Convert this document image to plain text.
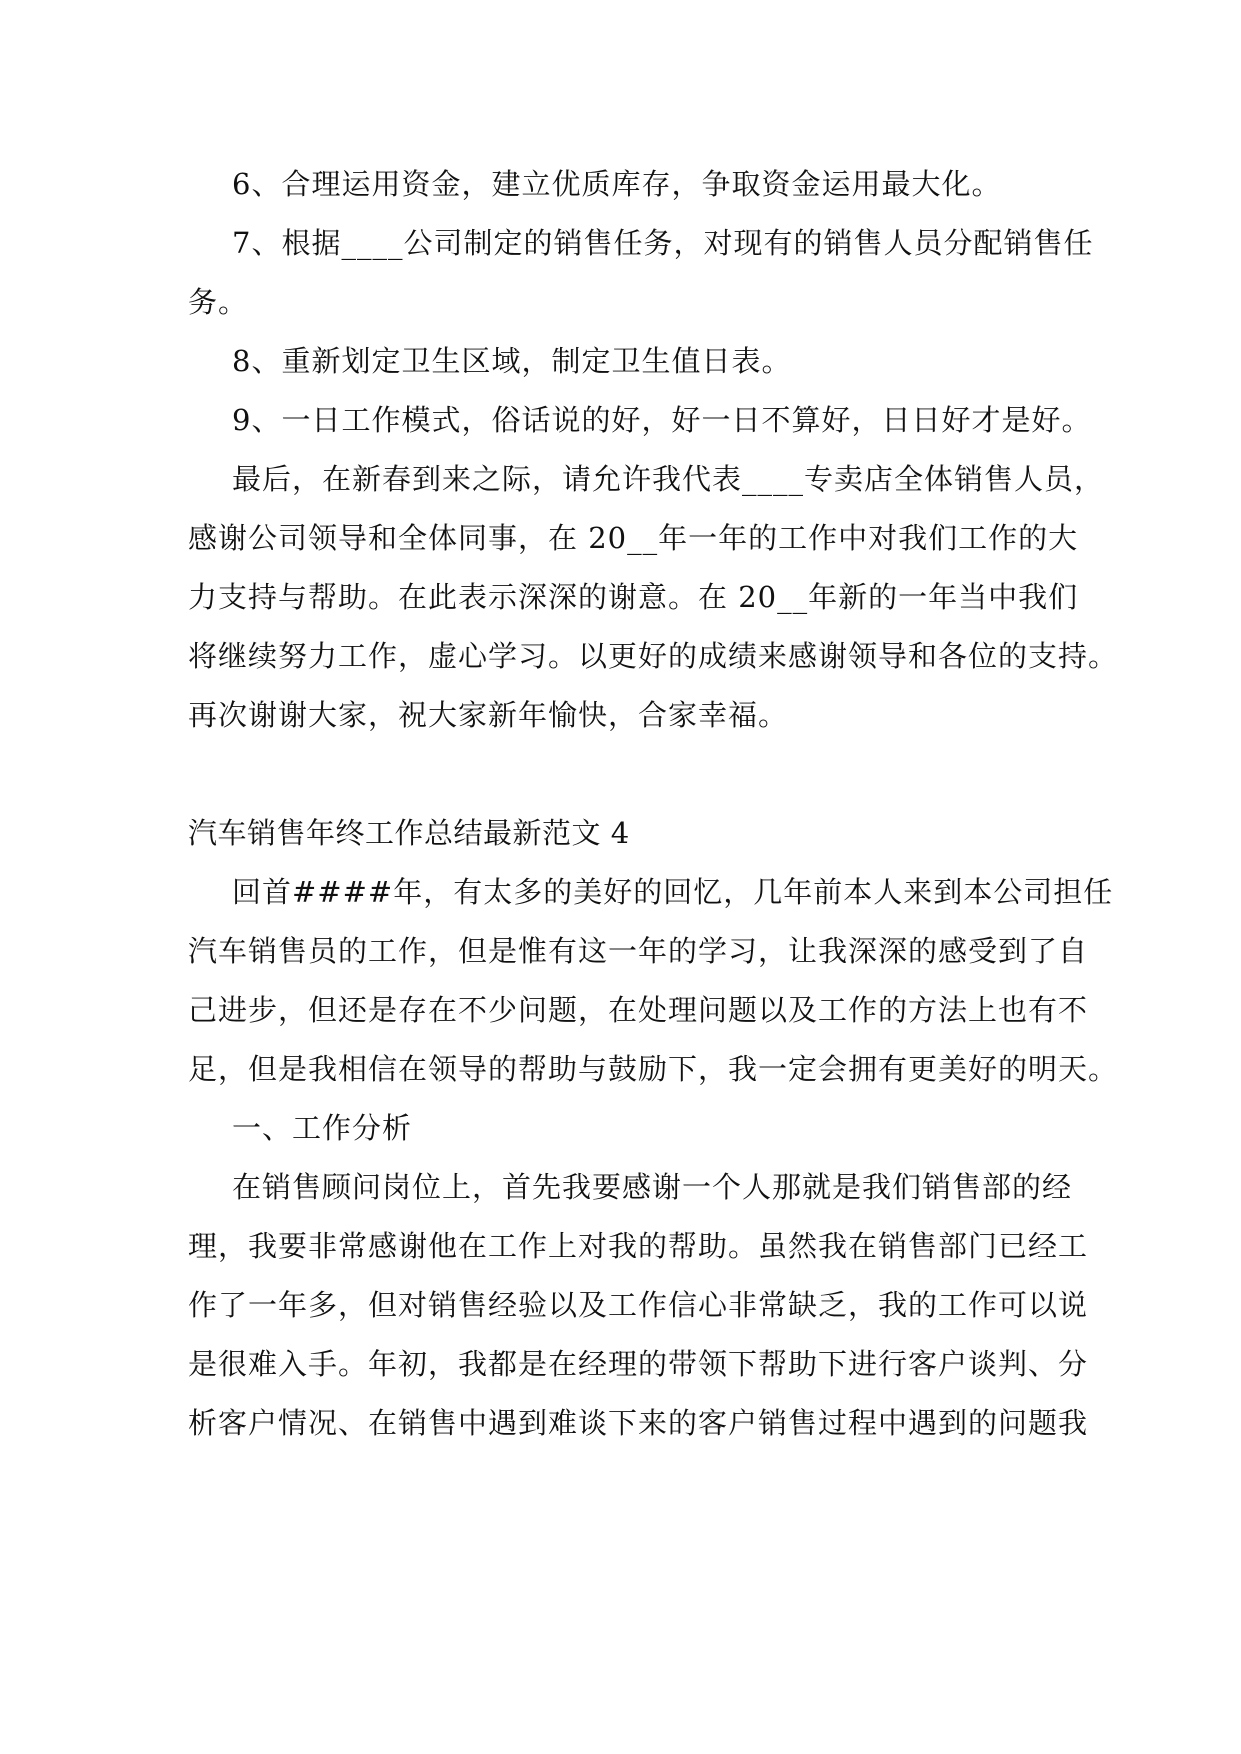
6、合理运用资金，建立优质库存，争取资金运用最大化。
7、根据____公司制定的销售任务，对现有的销售人员分配销售任
务。
8、重新划定卫生区域，制定卫生值日表。
9、一日工作模式，俗话说的好，好一日不算好，日日好才是好。
最后，在新春到来之际，请允许我代表____专卖店全体销售人员，
感谢公司领导和全体同事，在 20__年一年的工作中对我们工作的大
力支持与帮助。在此表示深深的谢意。在 20__年新的一年当中我们
将继续努力工作，虚心学习。以更好的成绩来感谢领导和各位的支持。
再次谢谢大家，祝大家新年愉快，合家幸福。
汽车销售年终工作总结最新范文 4
回首####年，有太多的美好的回忆，几年前本人来到本公司担任
汽车销售员的工作，但是惟有这一年的学习，让我深深的感受到了自
己进步，但还是存在不少问题，在处理问题以及工作的方法上也有不
足，但是我相信在领导的帮助与鼓励下，我一定会拥有更美好的明天。
一、工作分析
在销售顾问岗位上，首先我要感谢一个人那就是我们销售部的经
理，我要非常感谢他在工作上对我的帮助。虽然我在销售部门已经工
作了一年多，但对销售经验以及工作信心非常缺乏，我的工作可以说
是很难入手。年初，我都是在经理的带领下帮助下进行客户谈判、分
析客户情况、在销售中遇到难谈下来的客户销售过程中遇到的问题我
